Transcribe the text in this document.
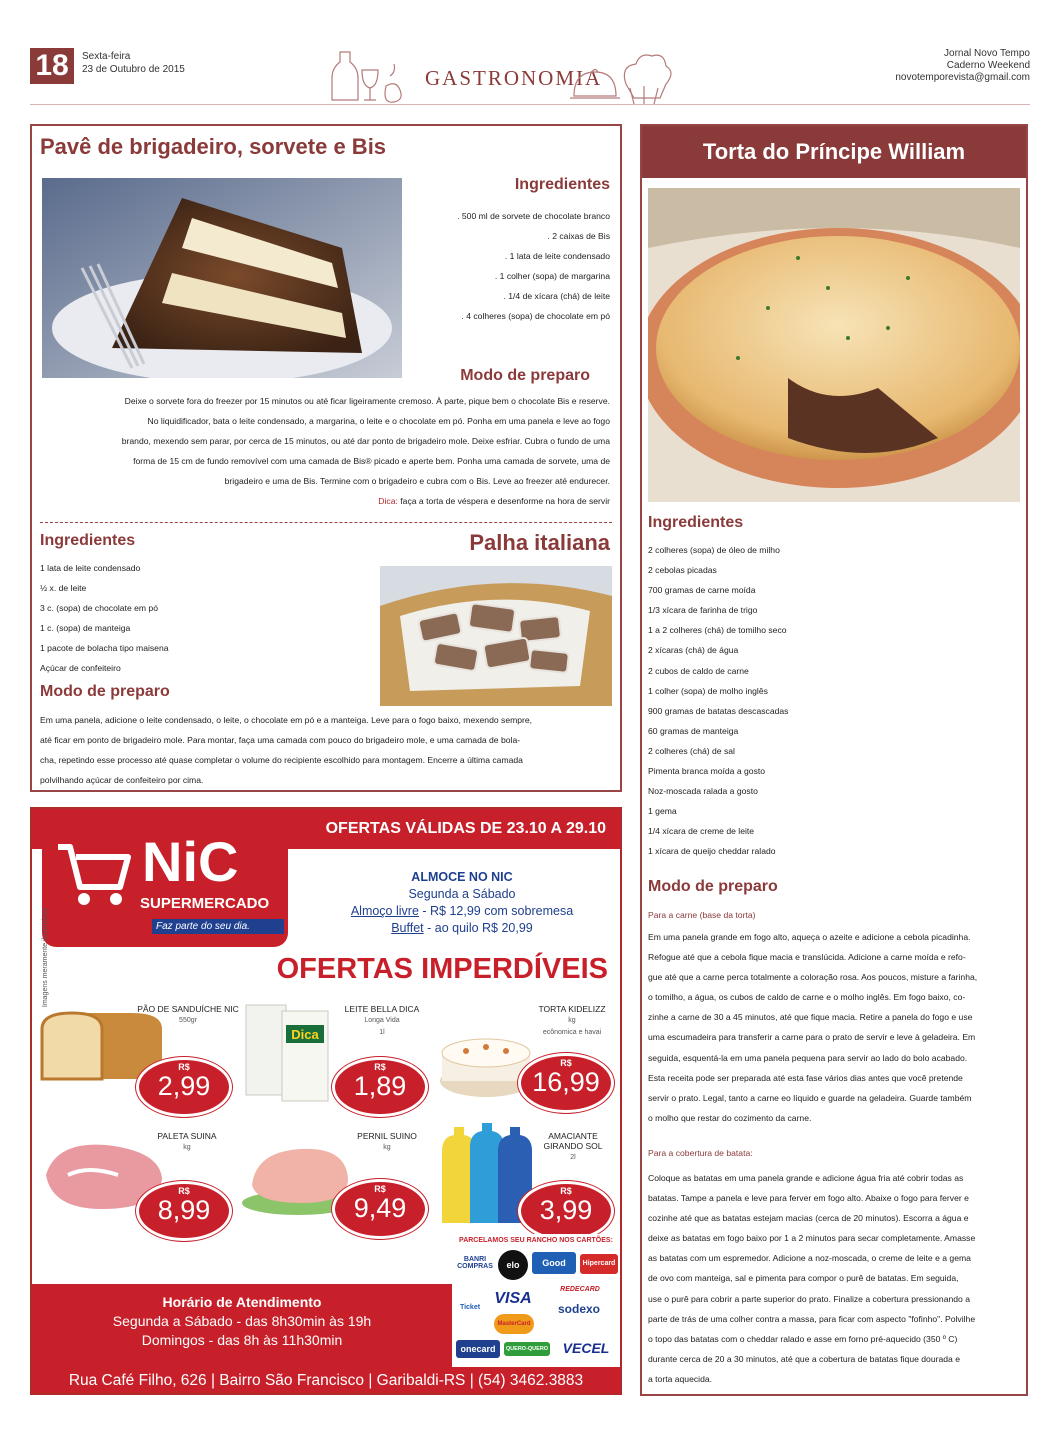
18	Sexta-feira
23 de Outubro de 2015	GASTRONOMIA
Jornal Novo Tempo
Caderno Weekend
novotemporevista@gmail.com
Pavê de brigadeiro, sorvete e Bis
Ingredientes
. 500 ml de sorvete de chocolate branco
. 2 caixas de Bis
. 1 lata de leite condensado
. 1 colher (sopa) de margarina
. 1/4 de xícara (chá) de leite
. 4 colheres (sopa) de chocolate em pó
Modo de preparo
Deixe o sorvete fora do freezer por 15 minutos ou até ficar ligeiramente cremoso. À parte, pique bem o chocolate Bis e reserve.
No liquidificador, bata o leite condensado, a margarina, o leite e o chocolate em pó. Ponha em uma panela e leve ao fogo
brando, mexendo sem parar, por cerca de 15 minutos, ou até dar ponto de brigadeiro mole. Deixe esfriar. Cubra o fundo de uma
forma de 15 cm de fundo removível com uma camada de Bis® picado e aperte bem. Ponha uma camada de sorvete, uma de
brigadeiro e uma de Bis. Termine com o brigadeiro e cubra com o Bis. Leve ao freezer até endurecer.
Dica: faça a torta de véspera e desenforme na hora de servir
Ingredientes	Palha italiana
1 lata de leite condensado
½ x. de leite
3 c. (sopa) de chocolate em pó
1 c. (sopa) de manteiga
1 pacote de bolacha tipo maisena
Açúcar de confeiteiro
Modo de preparo
Em uma panela, adicione o leite condensado, o leite, o chocolate em pó e a manteiga. Leve para o fogo baixo, mexendo sempre,
até ficar em ponto de brigadeiro mole. Para montar, faça uma camada com pouco do brigadeiro mole, e uma camada de bola-
cha, repetindo esse processo até quase completar o volume do recipiente escolhido para montagem. Encerre a última camada
polvilhando açúcar de confeiteiro por cima.
OFERTAS VÁLIDAS DE 23.10 A 29.10
NiC
SUPERMERCADO
Faz parte do seu dia.
Imagens meramente ilustrativas
ALMOCE NO NIC
Segunda a Sábado
Almoço livre - R$ 12,99 com sobremesa
Buffet - ao quilo R$ 20,99
OFERTAS IMPERDÍVEIS
PÃO DE SANDUÍCHE NIC
550gr
R$
2,99
Dica
LEITE BELLA DICA
Longa Vida
1l
R$
1,89
TORTA KIDELIZZ
kg
ecônomica e havai
R$
16,99
PALETA SUINA
kg
R$
8,99
PERNIL SUINO
kg
R$
9,49
AMACIANTE
GIRANDO SOL
2l
R$
3,99
Horário de Atendimento
Segunda a Sábado - das 8h30min às 19h
Domingos - das 8h às 11h30min
PARCELAMOS SEU RANCHO NOS CARTÕES:
BANRI COMPRAS	elo	Good Card
Hipercard
Ticket
VISA
REDECARD
MasterCard
sodexo
onecard	QUERO-QUERO	VECEL
Rua Café Filho, 626 | Bairro São Francisco | Garibaldi-RS | (54) 3462.3883
Torta do Príncipe William
Ingredientes
2 colheres (sopa) de óleo de milho
2 cebolas picadas
700 gramas de carne moída
1/3 xícara de farinha de trigo
1 a 2 colheres (chá) de tomilho seco
2 xícaras (chá) de água
2 cubos de caldo de carne
1 colher (sopa) de molho inglês
900 gramas de batatas descascadas
60 gramas de manteiga
2 colheres (chá) de sal
Pimenta branca moída a gosto
Noz-moscada ralada a gosto
1 gema
1/4 xícara de creme de leite
1 xícara de queijo cheddar ralado
Modo de preparo
Para a carne (base da torta)
Em uma panela grande em fogo alto, aqueça o azeite e adicione a cebola picadinha.
Refogue até que a cebola fique macia e translúcida. Adicione a carne moída e refo-
gue até que a carne perca totalmente a coloração rosa. Aos poucos, misture a farinha,
o tomilho, a água, os cubos de caldo de carne e o molho inglês. Em fogo baixo, co-
zinhe a carne de 30 a 45 minutos, até que fique macia. Retire a panela do fogo e use
uma escumadeira para transferir a carne para o prato de servir e leve à geladeira. Em
seguida, esquentá-la em uma panela pequena para servir ao lado do bolo acabado.
Esta receita pode ser preparada até esta fase vários dias antes que você pretende
servir o prato. Legal, tanto a carne eo líquido e guarde na geladeira. Guarde também
o molho que restar do cozimento da carne.
Para a cobertura de batata:
Coloque as batatas em uma panela grande e adicione água fria até cobrir todas as
batatas. Tampe a panela e leve para ferver em fogo alto. Abaixe o fogo para ferver e
cozinhe até que as batatas estejam macias (cerca de 20 minutos). Escorra a água e
deixe as batatas em fogo baixo por 1 a 2 minutos para secar completamente. Amasse
as batatas com um espremedor. Adicione a noz-moscada, o creme de leite e a gema
de ovo com manteiga, sal e pimenta para compor o purê de batatas. Em seguida,
use o purê para cobrir a parte superior do prato. Finalize a cobertura pressionando a
parte de trás de uma colher contra a massa, para ficar com aspecto "fofinho". Polvilhe
o topo das batatas com o cheddar ralado e asse em forno pré-aquecido (350 º C)
durante cerca de 20 a 30 minutos, até que a cobertura de batatas fique dourada e
a torta aquecida.
